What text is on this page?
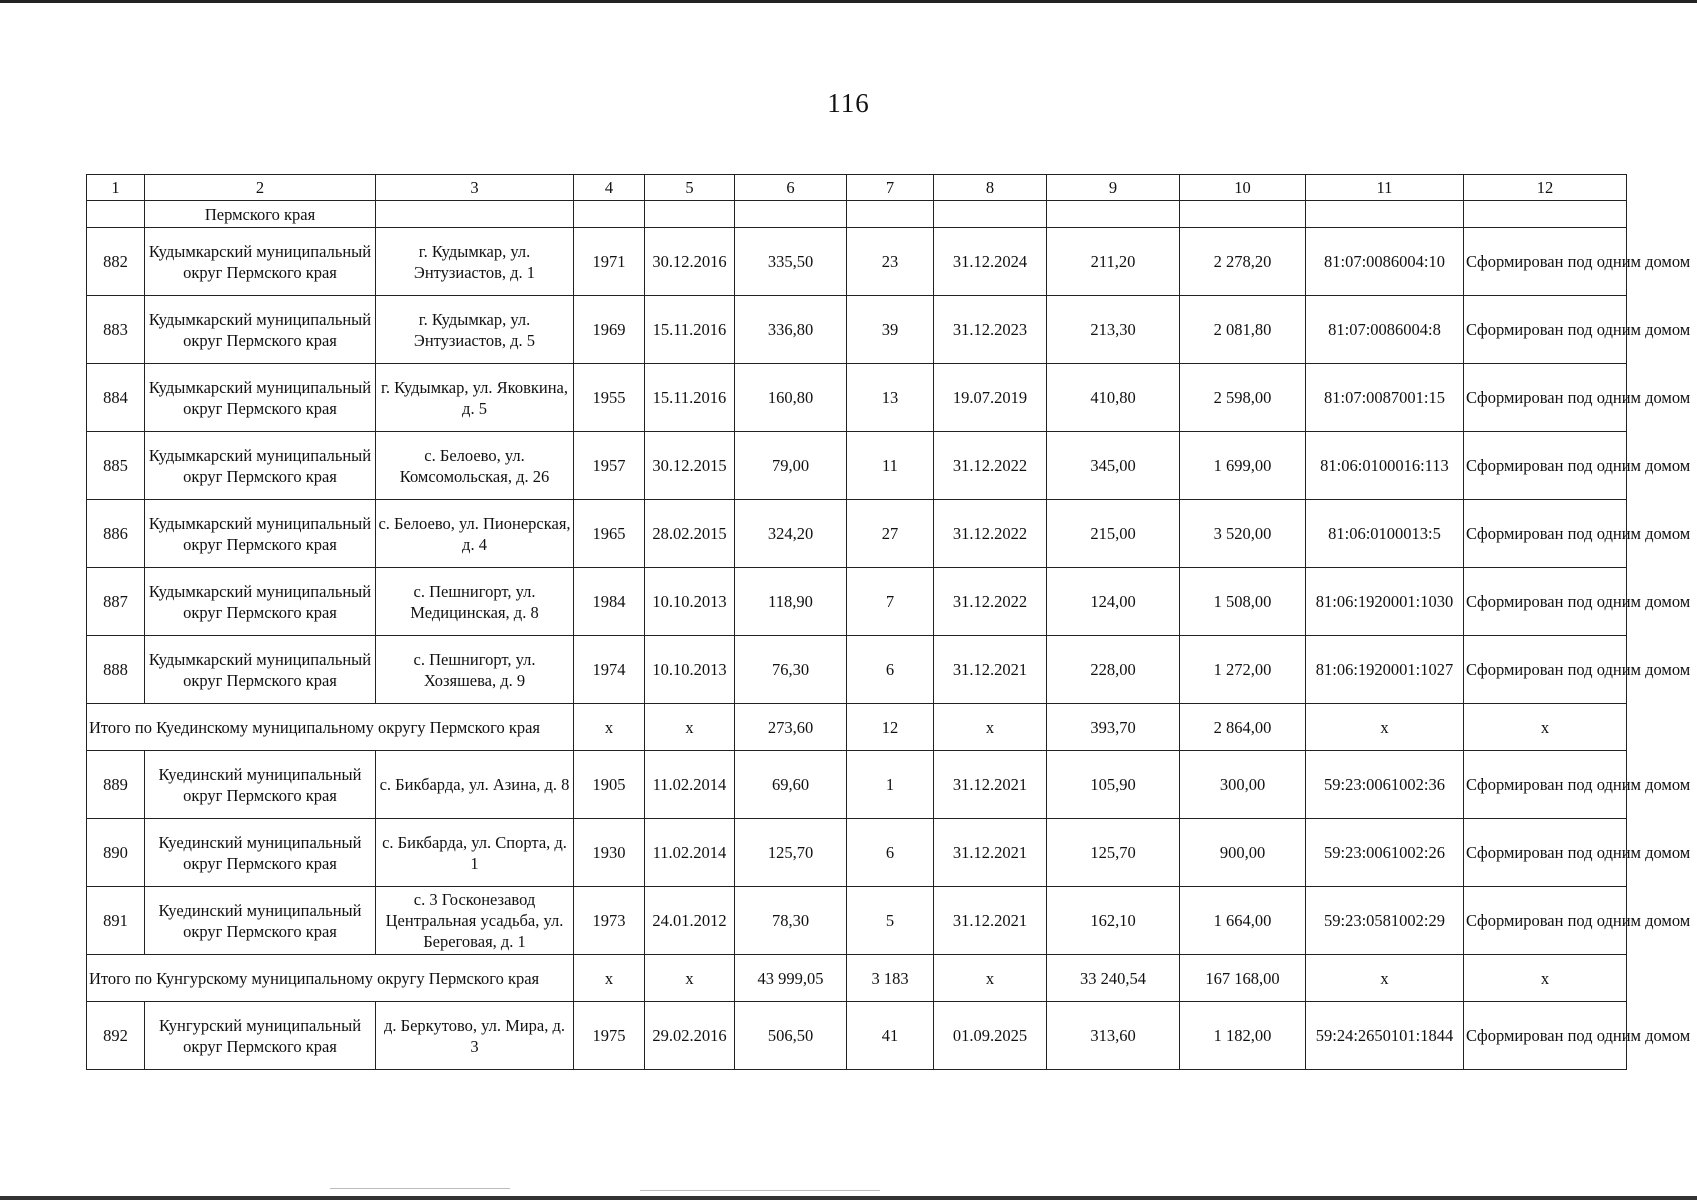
116
1	2	3	4	5	6	7	8	9	10	11	12
	Пермского края										
882	Кудымкарский муниципальный округ Пермского края	г. Кудымкар, ул. Энтузиастов, д. 1	1971	30.12.2016	335,50	23	31.12.2024	211,20	2 278,20	81:07:0086004:10	Сформирован под одним домом
883	Кудымкарский муниципальный округ Пермского края	г. Кудымкар, ул. Энтузиастов, д. 5	1969	15.11.2016	336,80	39	31.12.2023	213,30	2 081,80	81:07:0086004:8	Сформирован под одним домом
884	Кудымкарский муниципальный округ Пермского края	г. Кудымкар, ул. Яковкина, д. 5	1955	15.11.2016	160,80	13	19.07.2019	410,80	2 598,00	81:07:0087001:15	Сформирован под одним домом
885	Кудымкарский муниципальный округ Пермского края	с. Белоево, ул. Комсомольская, д. 26	1957	30.12.2015	79,00	11	31.12.2022	345,00	1 699,00	81:06:0100016:113	Сформирован под одним домом
886	Кудымкарский муниципальный округ Пермского края	с. Белоево, ул. Пионерская, д. 4	1965	28.02.2015	324,20	27	31.12.2022	215,00	3 520,00	81:06:0100013:5	Сформирован под одним домом
887	Кудымкарский муниципальный округ Пермского края	с. Пешнигорт, ул. Медицинская, д. 8	1984	10.10.2013	118,90	7	31.12.2022	124,00	1 508,00	81:06:1920001:1030	Сформирован под одним домом
888	Кудымкарский муниципальный округ Пермского края	с. Пешнигорт, ул. Хозяшева, д. 9	1974	10.10.2013	76,30	6	31.12.2021	228,00	1 272,00	81:06:1920001:1027	Сформирован под одним домом
Итого по Куединскому муниципальному округу Пермского края			х	х	273,60	12	х	393,70	2 864,00	х	х
889	Куединский муниципальный округ Пермского края	с. Бикбарда, ул. Азина, д. 8	1905	11.02.2014	69,60	1	31.12.2021	105,90	300,00	59:23:0061002:36	Сформирован под одним домом
890	Куединский муниципальный округ Пермского края	с. Бикбарда, ул. Спорта, д. 1	1930	11.02.2014	125,70	6	31.12.2021	125,70	900,00	59:23:0061002:26	Сформирован под одним домом
891	Куединский муниципальный округ Пермского края	с. 3 Госконезавод Центральная усадьба, ул. Береговая, д. 1	1973	24.01.2012	78,30	5	31.12.2021	162,10	1 664,00	59:23:0581002:29	Сформирован под одним домом
Итого по Кунгурскому муниципальному округу Пермского края			х	х	43 999,05	3 183	х	33 240,54	167 168,00	х	х
892	Кунгурский муниципальный округ Пермского края	д. Беркутово, ул. Мира, д. 3	1975	29.02.2016	506,50	41	01.09.2025	313,60	1 182,00	59:24:2650101:1844	Сформирован под одним домом
